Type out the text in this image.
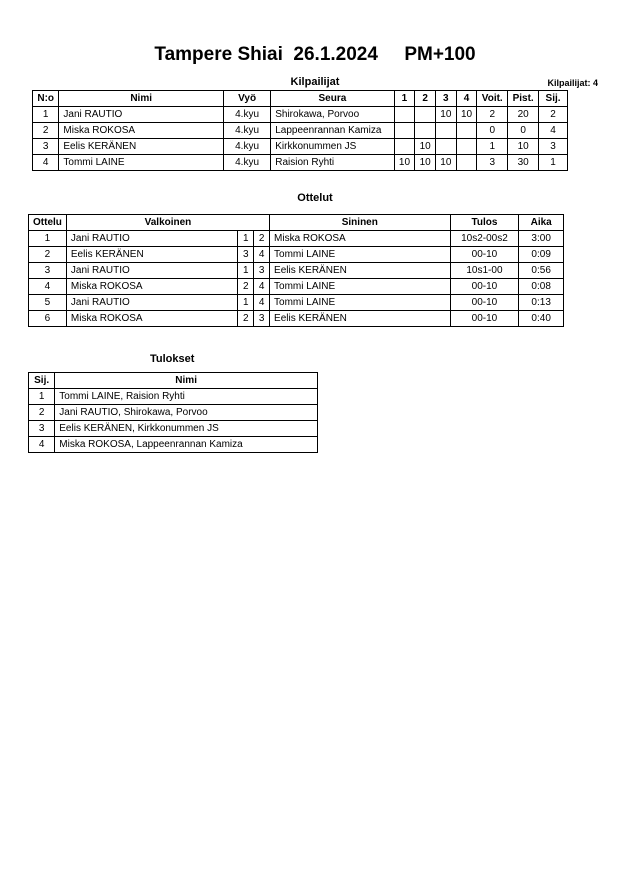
Tampere Shiai  26.1.2024     PM+100
Kilpailijat	Kilpailijat: 4
N:o	Nimi	Vyö	Seura	1	2	3	4	Voit.	Pist.	Sij.
1	Jani RAUTIO	4.kyu	Shirokawa, Porvoo			10	10	2	20	2
2	Miska ROKOSA	4.kyu	Lappeenrannan Kamiza					0	0	4
3	Eelis KERÄNEN	4.kyu	Kirkkonummen JS		10			1	10	3
4	Tommi LAINE	4.kyu	Raision Ryhti	10	10	10		3	30	1
Ottelut
Ottelu	Valkoinen			Sininen	Tulos	Aika
1	Jani RAUTIO	1	2	Miska ROKOSA	10s2-00s2	3:00
2	Eelis KERÄNEN	3	4	Tommi LAINE	00-10	0:09
3	Jani RAUTIO	1	3	Eelis KERÄNEN	10s1-00	0:56
4	Miska ROKOSA	2	4	Tommi LAINE	00-10	0:08
5	Jani RAUTIO	1	4	Tommi LAINE	00-10	0:13
6	Miska ROKOSA	2	3	Eelis KERÄNEN	00-10	0:40
Tulokset
Sij.	Nimi
1	Tommi LAINE, Raision Ryhti
2	Jani RAUTIO, Shirokawa, Porvoo
3	Eelis KERÄNEN, Kirkkonummen JS
4	Miska ROKOSA, Lappeenrannan Kamiza
